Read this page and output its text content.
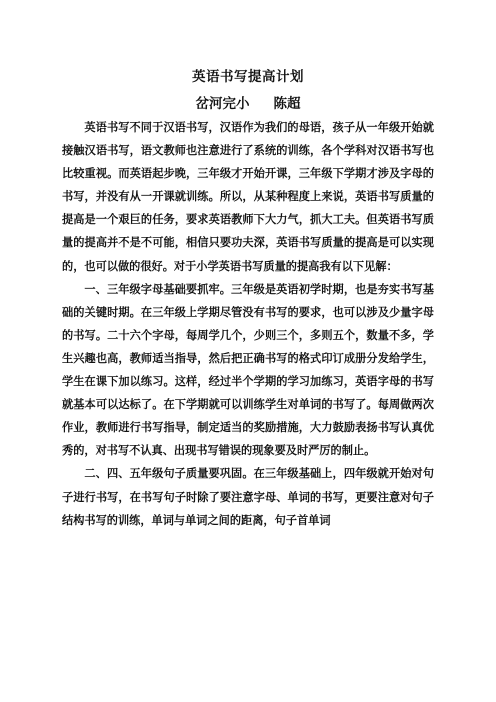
英语书写提高计划
岔河完小 陈超

英语书写不同于汉语书写，汉语作为我们的母语，孩子从一年级开始就接触汉语书写，语文教师也注意进行了系统的训练，各个学科对汉语书写也比较重视。而英语起步晚，三年级才开始开课，三年级下学期才涉及字母的书写，并没有从一开课就训练。所以，从某种程度上来说，英语书写质量的提高是一个艰巨的任务，要求英语教师下大力气，抓大工夫。但英语书写质量的提高并不是不可能，相信只要功夫深，英语书写质量的提高是可以实现的，也可以做的很好。对于小学英语书写质量的提高我有以下见解：

一、三年级字母基础要抓牢。三年级是英语初学时期，也是夯实书写基础的关键时期。在三年级上学期尽管没有书写的要求，也可以涉及少量字母的书写。二十六个字母，每周学几个，少则三个，多则五个，数量不多，学生兴趣也高，教师适当指导，然后把正确书写的格式印订成册分发给学生，学生在课下加以练习。这样，经过半个学期的学习加练习，英语字母的书写就基本可以达标了。在下学期就可以训练学生对单词的书写了。每周做两次作业，教师进行书写指导，制定适当的奖励措施，大力鼓励表扬书写认真优秀的，对书写不认真、出现书写错误的现象要及时严厉的制止。

二、四、五年级句子质量要巩固。在三年级基础上，四年级就开始对句子进行书写，在书写句子时除了要注意字母、单词的书写，更要注意对句子结构书写的训练，单词与单词之间的距离，句子首单词
